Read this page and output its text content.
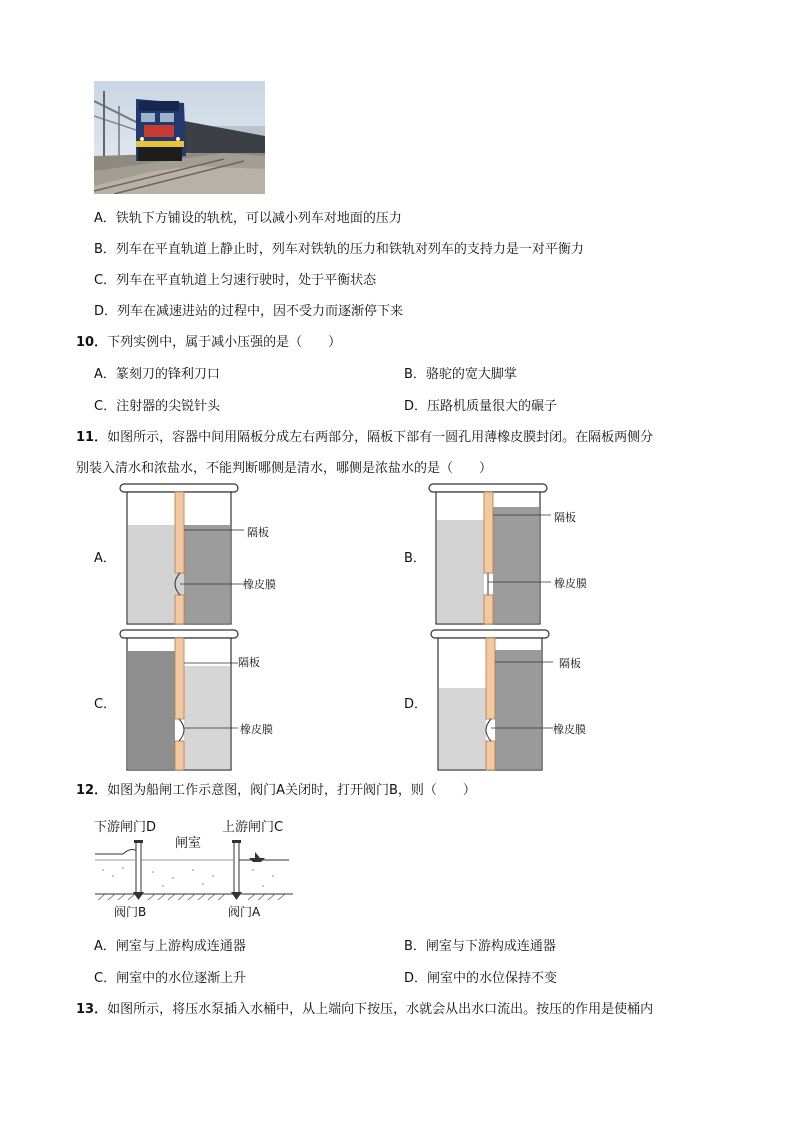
A．铁轨下方铺设的轨枕，可以减小列车对地面的压力
B．列车在平直轨道上静止时，列车对铁轨的压力和铁轨对列车的支持力是一对平衡力
C．列车在平直轨道上匀速行驶时，处于平衡状态
D．列车在减速进站的过程中，因不受力而逐渐停下来
10．下列实例中，属于减小压强的是（　　）
A．篆刻刀的锋利刀口	B．骆驼的宽大脚掌
C．注射器的尖锐针头	D．压路机质量很大的碾子
11．如图所示，容器中间用隔板分成左右两部分，隔板下部有一圆孔用薄橡皮膜封闭。在隔板两侧分
别装入清水和浓盐水，不能判断哪侧是清水，哪侧是浓盐水的是（　　）
A．
隔板
橡皮膜
B．
隔板
橡皮膜
C．
隔板
橡皮膜
D．
隔板
橡皮膜
12．如图为船闸工作示意图，阀门A关闭时，打开阀门B，则（　　）
下游闸门D
闸室
上游闸门C
阀门B	阀门A
A．闸室与上游构成连通器	B．闸室与下游构成连通器
C．闸室中的水位逐渐上升	D．闸室中的水位保持不变
13．如图所示，将压水泵插入水桶中，从上端向下按压，水就会从出水口流出。按压的作用是使桶内
